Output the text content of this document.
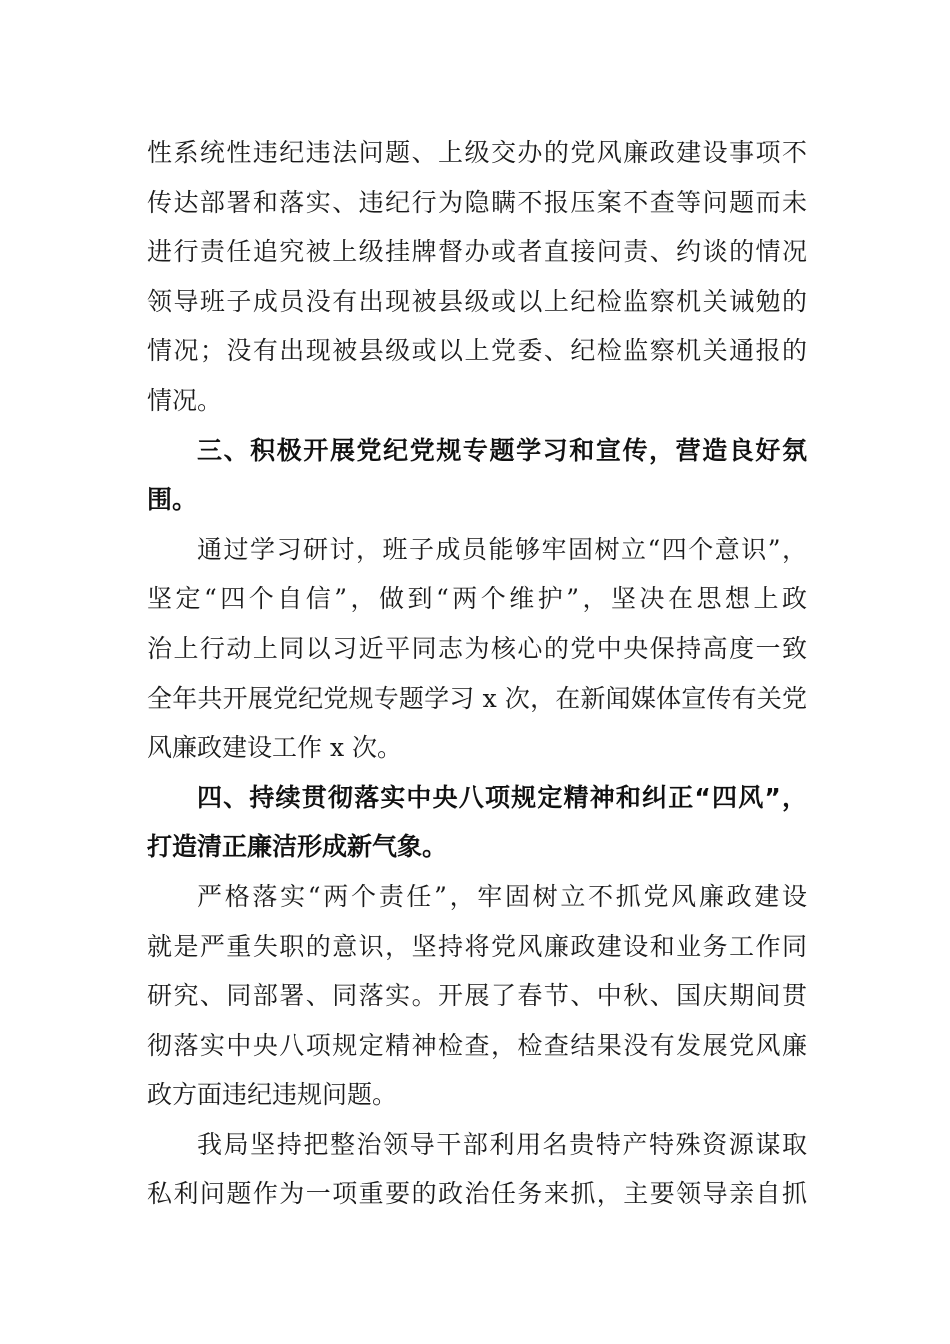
性系统性违纪违法问题、上级交办的党风廉政建设事项不
传达部署和落实、违纪行为隐瞒不报压案不查等问题而未
进行责任追究被上级挂牌督办或者直接问责、约谈的情况
领导班子成员没有出现被县级或以上纪检监察机关诫勉的
情况；没有出现被县级或以上党委、纪检监察机关通报的
情况。
三、积极开展党纪党规专题学习和宣传，营造良好氛
围。
通过学习研讨，班子成员能够牢固树立“四个意识”，
坚定“四个自信”，做到“两个维护”，坚决在思想上政
治上行动上同以习近平同志为核心的党中央保持高度一致
全年共开展党纪党规专题学习 x 次，在新闻媒体宣传有关党
风廉政建设工作 x 次。
四、持续贯彻落实中央八项规定精神和纠正“四风”，
打造清正廉洁形成新气象。
严格落实“两个责任”，牢固树立不抓党风廉政建设
就是严重失职的意识，坚持将党风廉政建设和业务工作同
研究、同部署、同落实。开展了春节、中秋、国庆期间贯
彻落实中央八项规定精神检查，检查结果没有发展党风廉
政方面违纪违规问题。
我局坚持把整治领导干部利用名贵特产特殊资源谋取
私利问题作为一项重要的政治任务来抓，主要领导亲自抓
